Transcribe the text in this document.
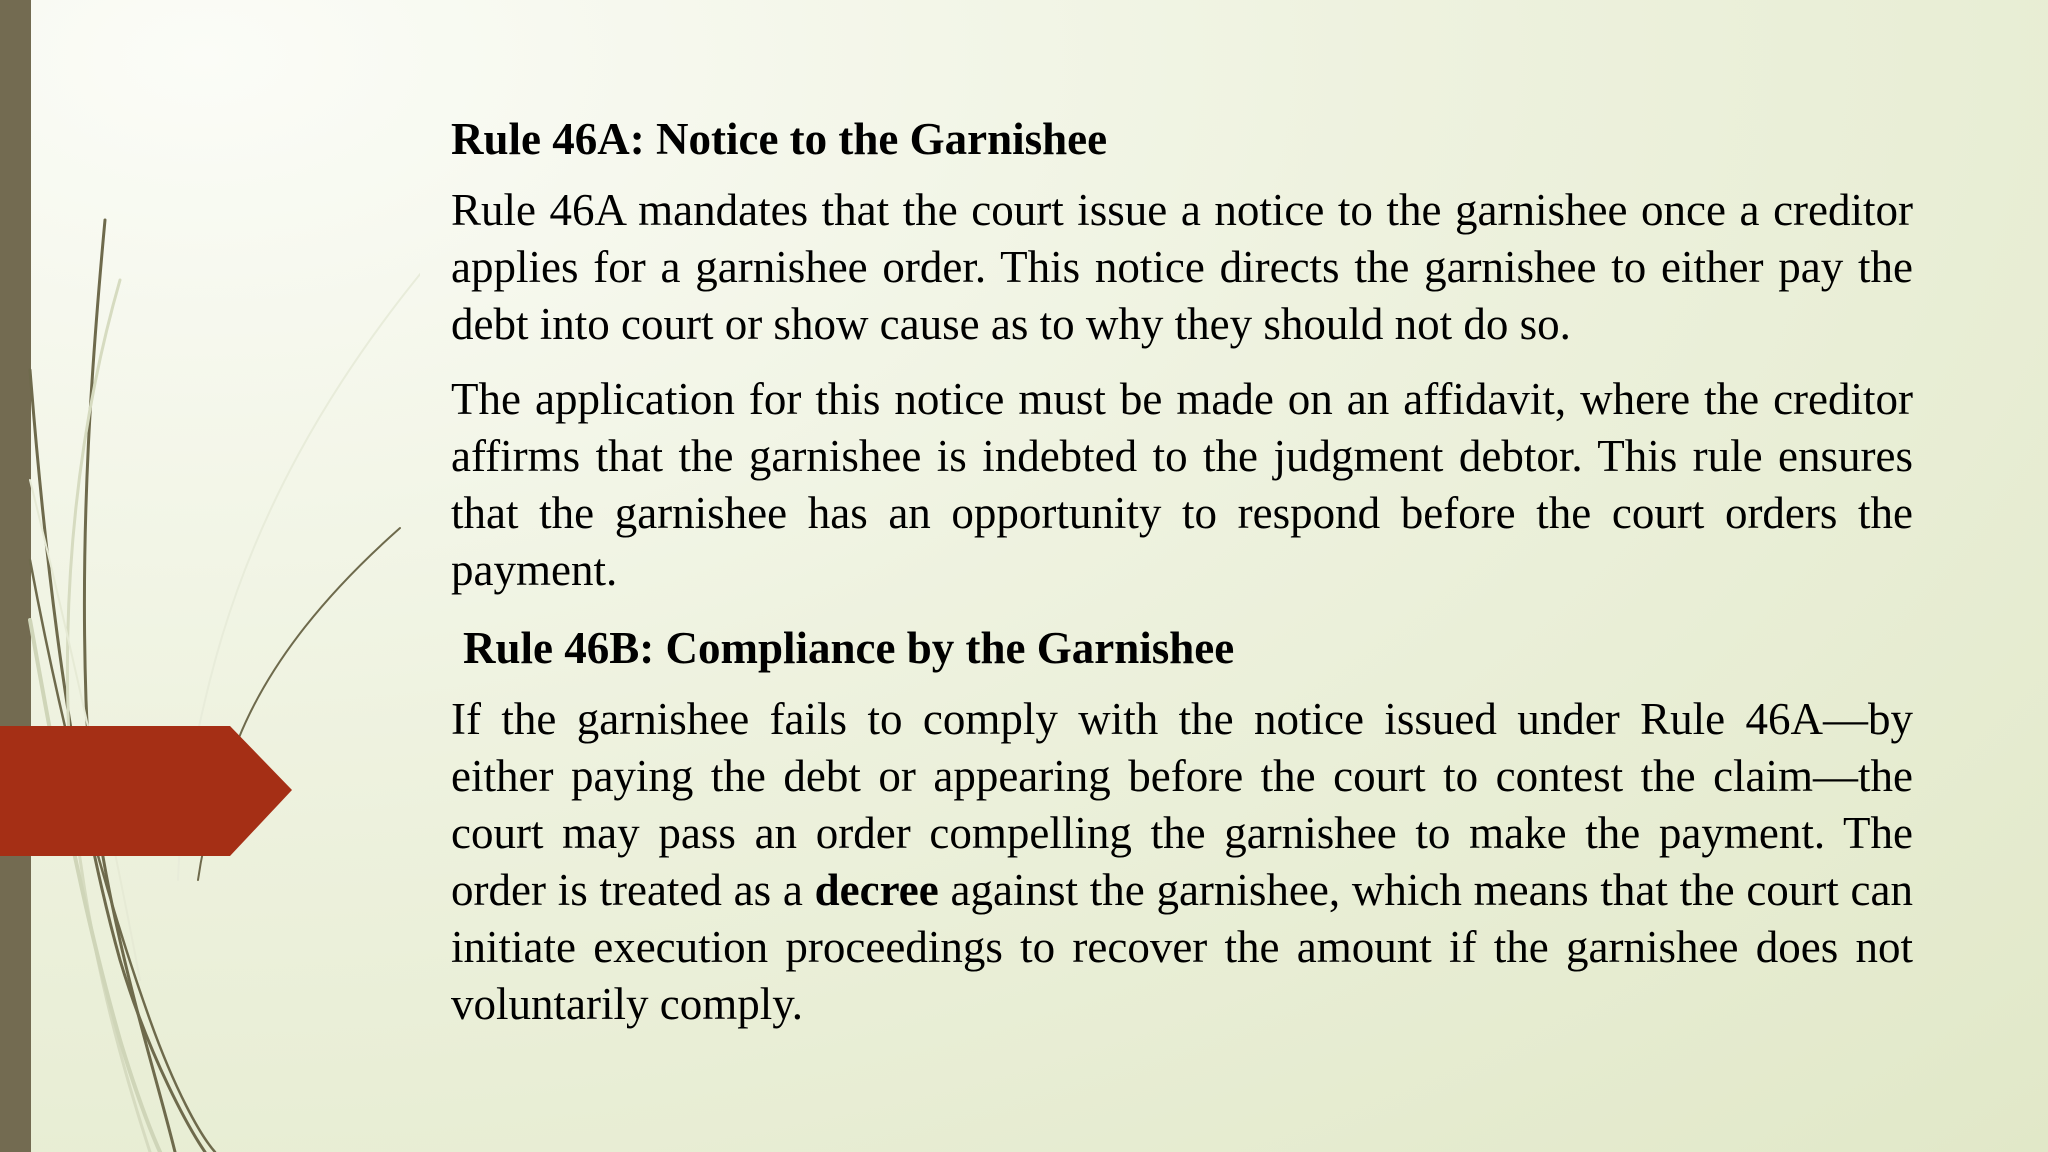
Rule 46A: Notice to the Garnishee
Rule 46A mandates that the court issue a notice to the garnishee once a creditor applies for a garnishee order. This notice directs the garnishee to either pay the debt into court or show cause as to why they should not do so.
The application for this notice must be made on an affidavit, where the creditor affirms that the garnishee is indebted to the judgment debtor. This rule ensures that the garnishee has an opportunity to respond before the court orders the payment.
Rule 46B: Compliance by the Garnishee
If the garnishee fails to comply with the notice issued under Rule 46A—by either paying the debt or appearing before the court to contest the claim—the court may pass an order compelling the garnishee to make the payment. The order is treated as a decree against the garnishee, which means that the court can initiate execution proceedings to recover the amount if the garnishee does not voluntarily comply.
